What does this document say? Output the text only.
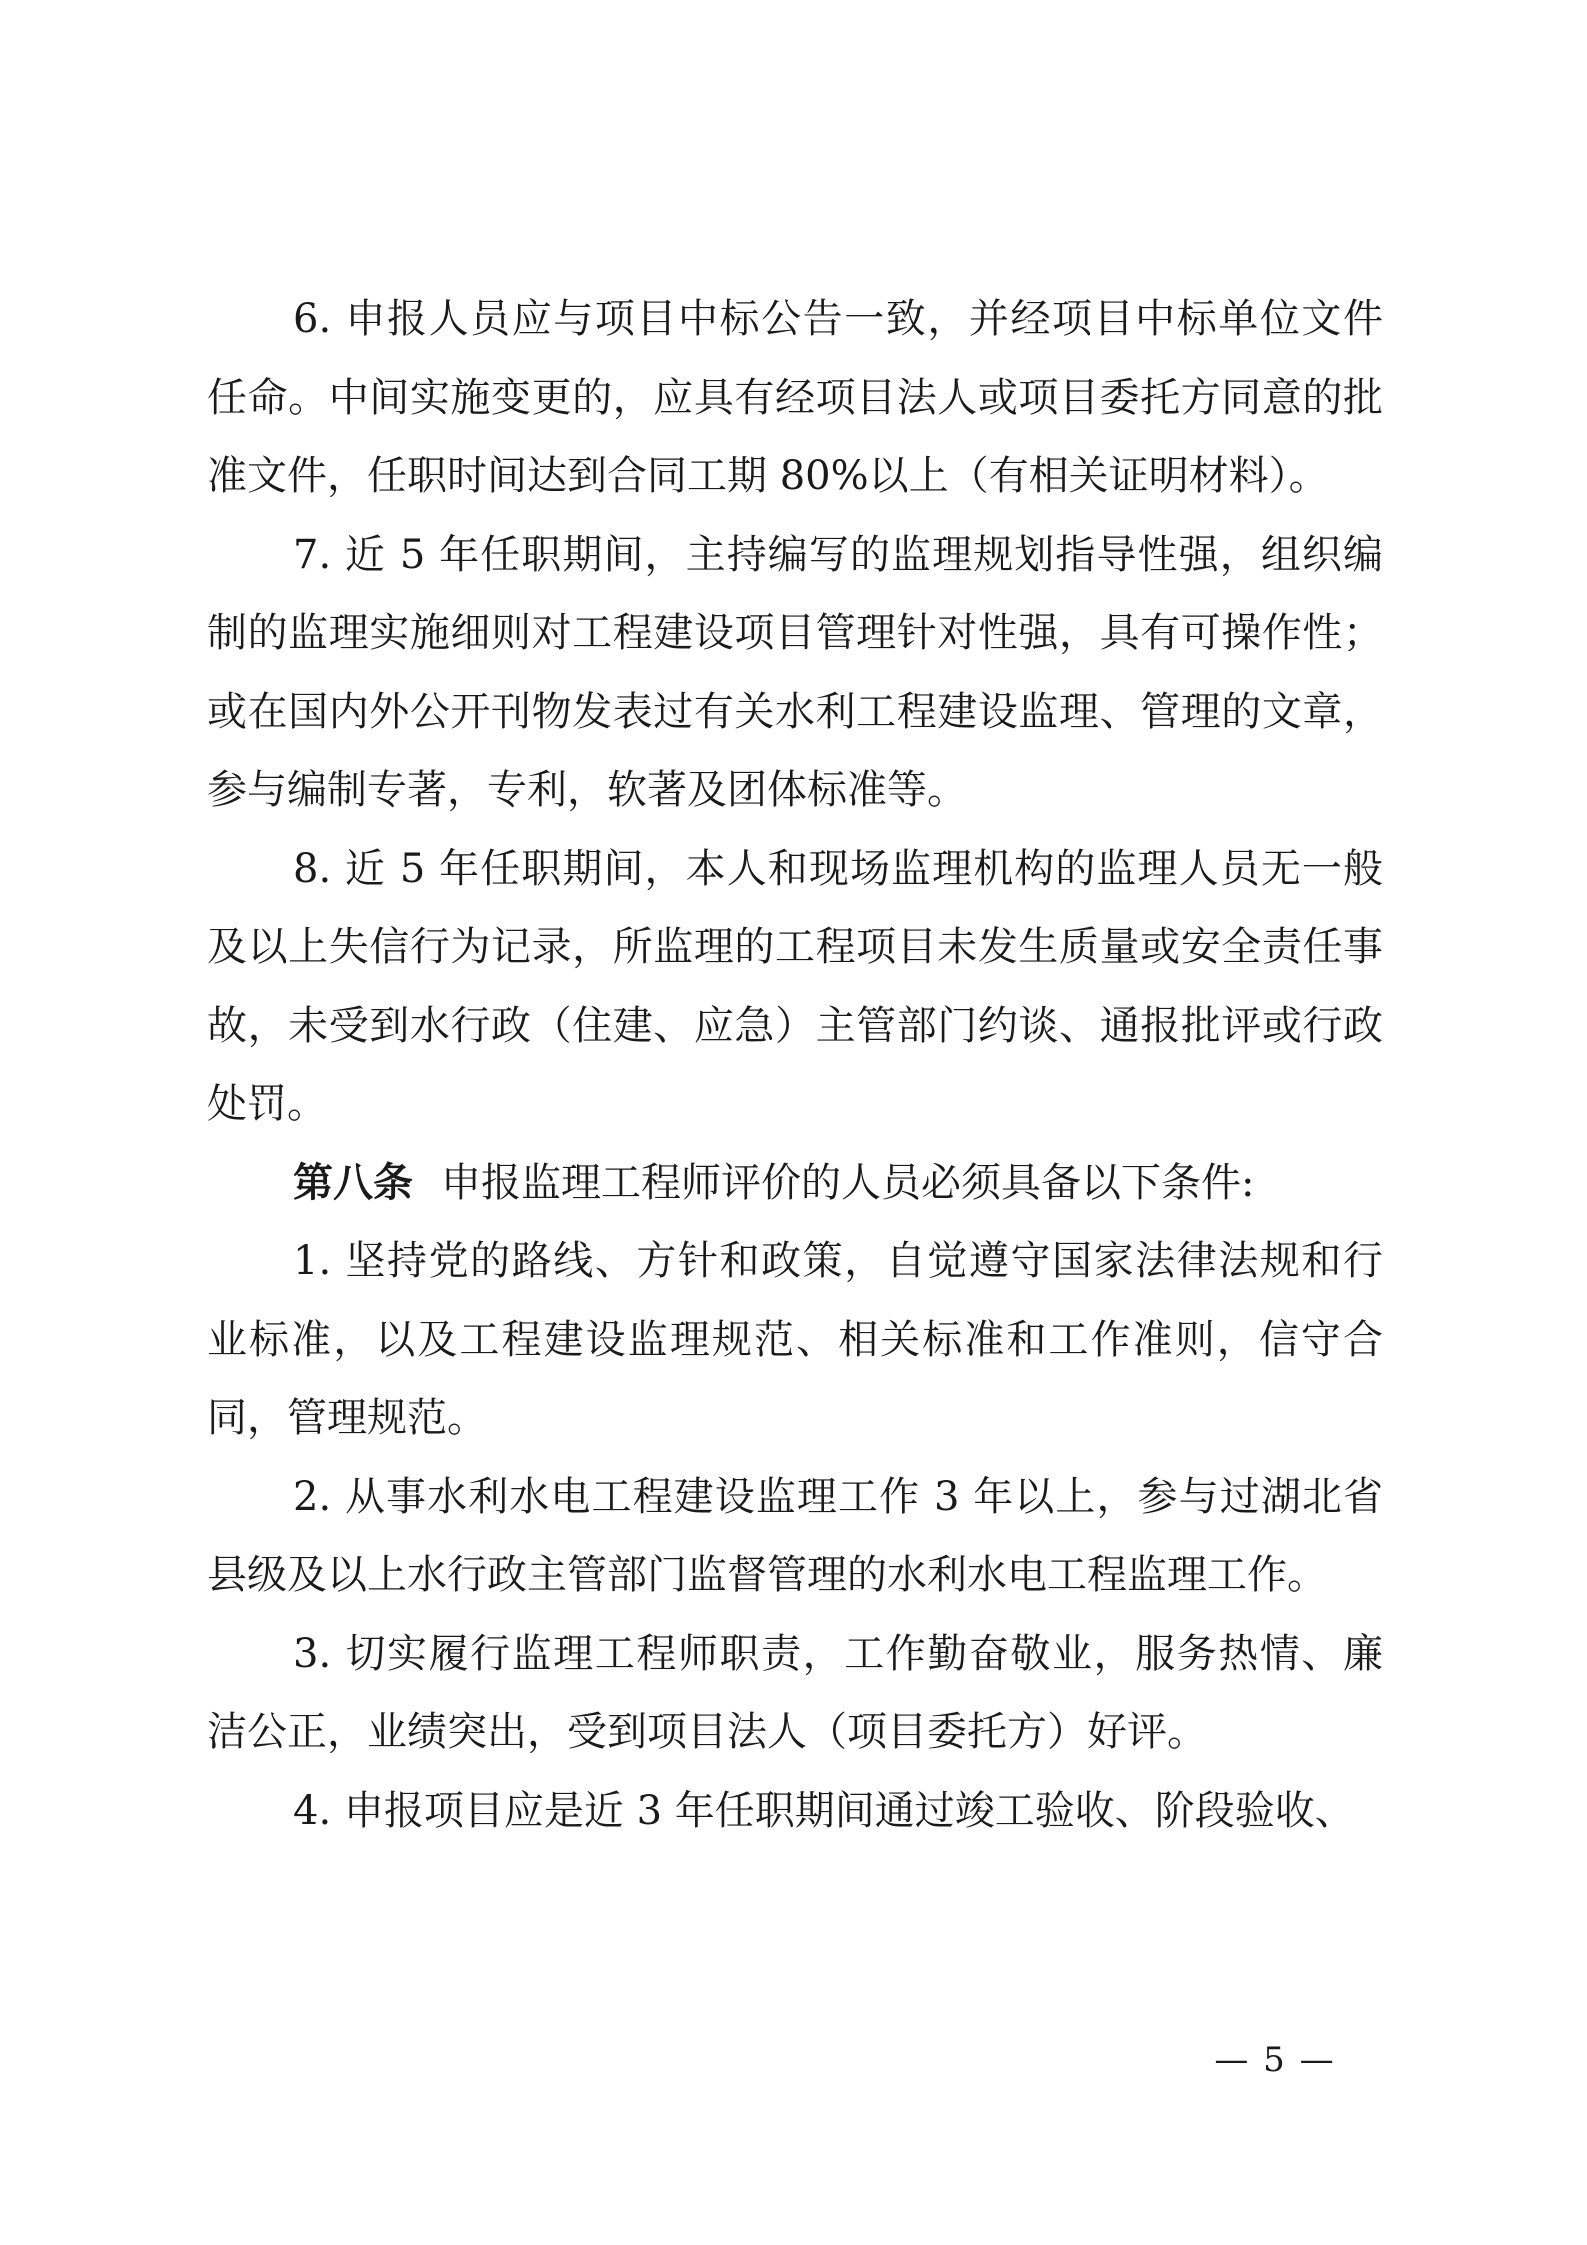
6. 申报人员应与项目中标公告一致，并经项目中标单位文件任命。中间实施变更的，应具有经项目法人或项目委托方同意的批准文件，任职时间达到合同工期 80%以上（有相关证明材料）。

7. 近 5 年任职期间，主持编写的监理规划指导性强，组织编制的监理实施细则对工程建设项目管理针对性强，具有可操作性；或在国内外公开刊物发表过有关水利工程建设监理、管理的文章，参与编制专著，专利，软著及团体标准等。

8. 近 5 年任职期间，本人和现场监理机构的监理人员无一般及以上失信行为记录，所监理的工程项目未发生质量或安全责任事故，未受到水行政（住建、应急）主管部门约谈、通报批评或行政处罚。

第八条 申报监理工程师评价的人员必须具备以下条件:

1. 坚持党的路线、方针和政策，自觉遵守国家法律法规和行业标准，以及工程建设监理规范、相关标准和工作准则，信守合同，管理规范。

2. 从事水利水电工程建设监理工作 3 年以上，参与过湖北省县级及以上水行政主管部门监督管理的水利水电工程监理工作。

3. 切实履行监理工程师职责，工作勤奋敬业，服务热情、廉洁公正，业绩突出，受到项目法人（项目委托方）好评。

4. 申报项目应是近 3 年任职期间通过竣工验收、阶段验收、

— 5 —
